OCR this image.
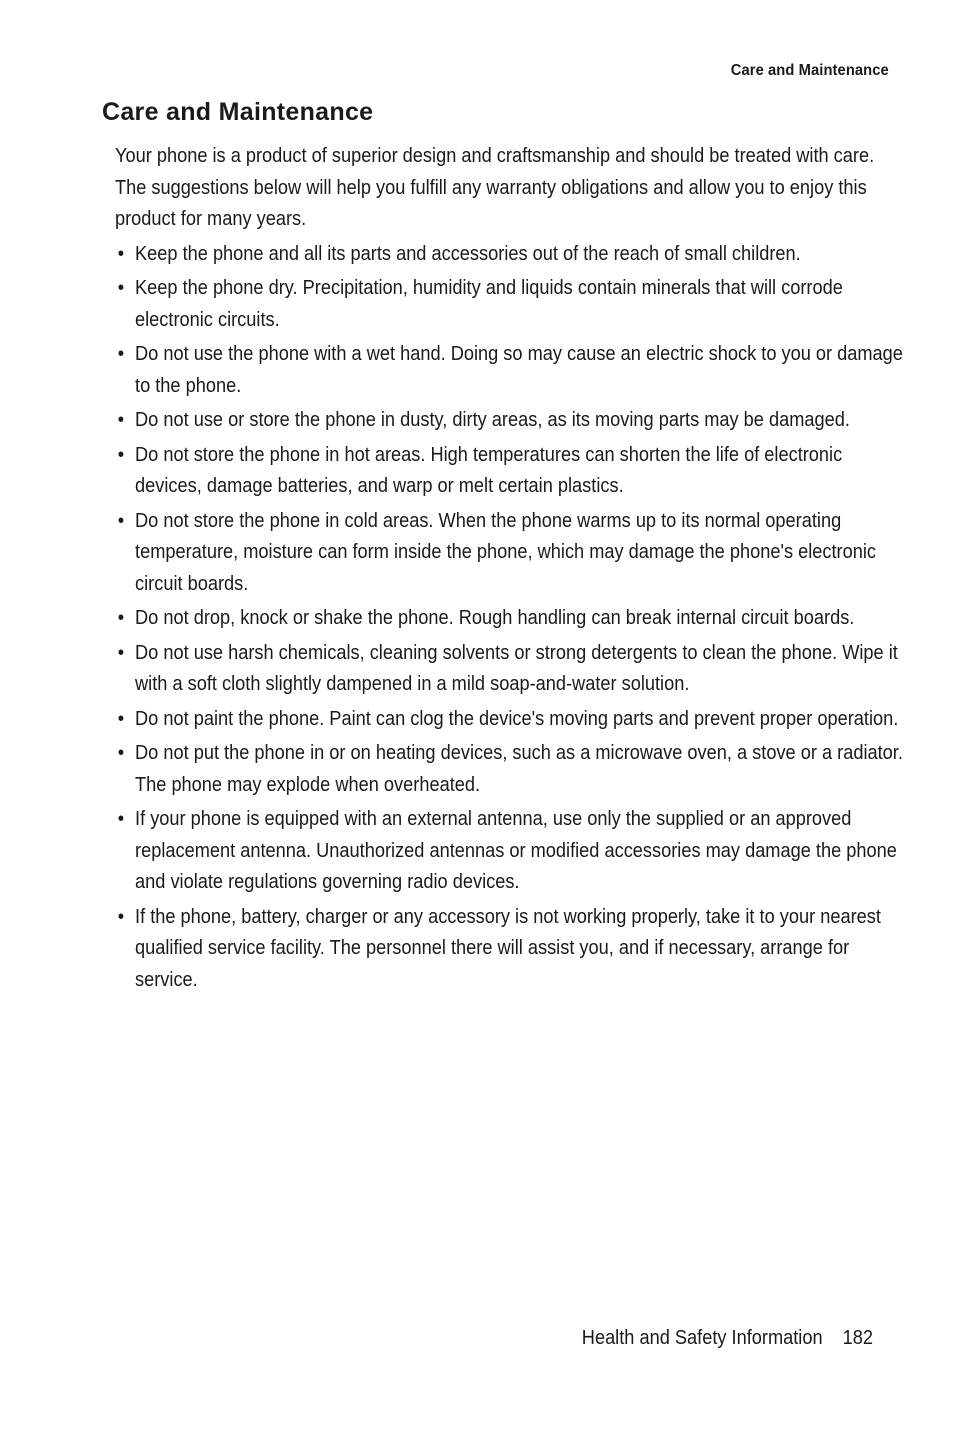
Care and Maintenance
Care and Maintenance

Your phone is a product of superior design and craftsmanship and should be treated with care. The suggestions below will help you fulfill any warranty obligations and allow you to enjoy this product for many years.

• Keep the phone and all its parts and accessories out of the reach of small children.
• Keep the phone dry. Precipitation, humidity and liquids contain minerals that will corrode electronic circuits.
• Do not use the phone with a wet hand. Doing so may cause an electric shock to you or damage to the phone.
• Do not use or store the phone in dusty, dirty areas, as its moving parts may be damaged.
• Do not store the phone in hot areas. High temperatures can shorten the life of electronic devices, damage batteries, and warp or melt certain plastics.
• Do not store the phone in cold areas. When the phone warms up to its normal operating temperature, moisture can form inside the phone, which may damage the phone's electronic circuit boards.
• Do not drop, knock or shake the phone. Rough handling can break internal circuit boards.
• Do not use harsh chemicals, cleaning solvents or strong detergents to clean the phone. Wipe it with a soft cloth slightly dampened in a mild soap-and-water solution.
• Do not paint the phone. Paint can clog the device's moving parts and prevent proper operation.
• Do not put the phone in or on heating devices, such as a microwave oven, a stove or a radiator. The phone may explode when overheated.
• If your phone is equipped with an external antenna, use only the supplied or an approved replacement antenna. Unauthorized antennas or modified accessories may damage the phone and violate regulations governing radio devices.
• If the phone, battery, charger or any accessory is not working properly, take it to your nearest qualified service facility. The personnel there will assist you, and if necessary, arrange for service.
Health and Safety Information 182
